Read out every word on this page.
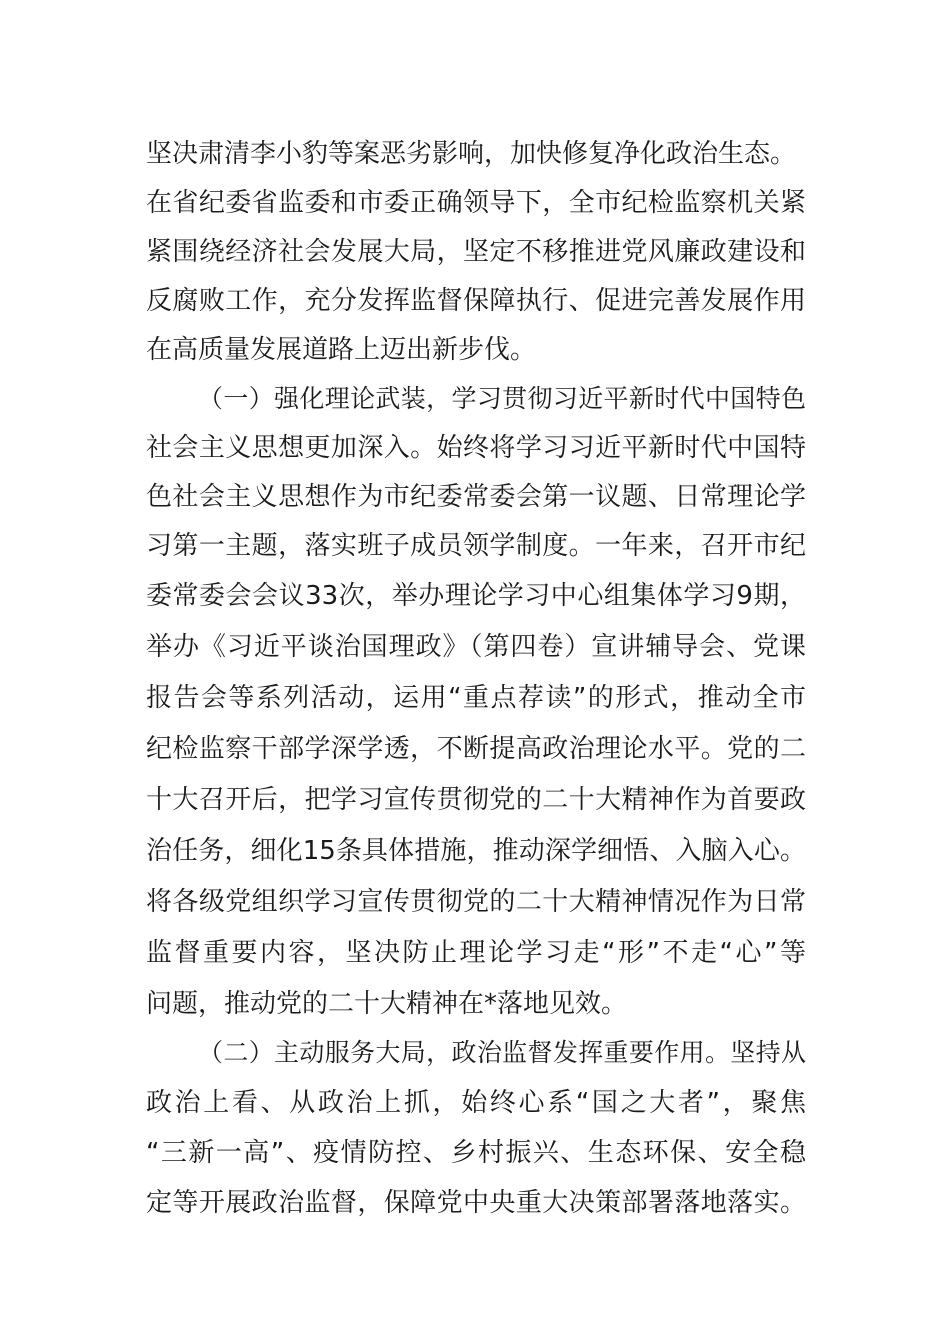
坚决肃清李小豹等案恶劣影响，加快修复净化政治生态。
在省纪委省监委和市委正确领导下，全市纪检监察机关紧
紧围绕经济社会发展大局，坚定不移推进党风廉政建设和
反腐败工作，充分发挥监督保障执行、促进完善发展作用
在高质量发展道路上迈出新步伐。
（一）强化理论武装，学习贯彻习近平新时代中国特色
社会主义思想更加深入。始终将学习习近平新时代中国特
色社会主义思想作为市纪委常委会第一议题、日常理论学
习第一主题，落实班子成员领学制度。一年来，召开市纪
委常委会会议33次，举办理论学习中心组集体学习9期，
举办《习近平谈治国理政》（第四卷）宣讲辅导会、党课
报告会等系列活动，运用“重点荐读”的形式，推动全市
纪检监察干部学深学透，不断提高政治理论水平。党的二
十大召开后，把学习宣传贯彻党的二十大精神作为首要政
治任务，细化15条具体措施，推动深学细悟、入脑入心。
将各级党组织学习宣传贯彻党的二十大精神情况作为日常
监督重要内容，坚决防止理论学习走“形”不走“心”等
问题，推动党的二十大精神在*落地见效。
（二）主动服务大局，政治监督发挥重要作用。坚持从
政治上看、从政治上抓，始终心系“国之大者”，聚焦
“三新一高”、疫情防控、乡村振兴、生态环保、安全稳
定等开展政治监督，保障党中央重大决策部署落地落实。
